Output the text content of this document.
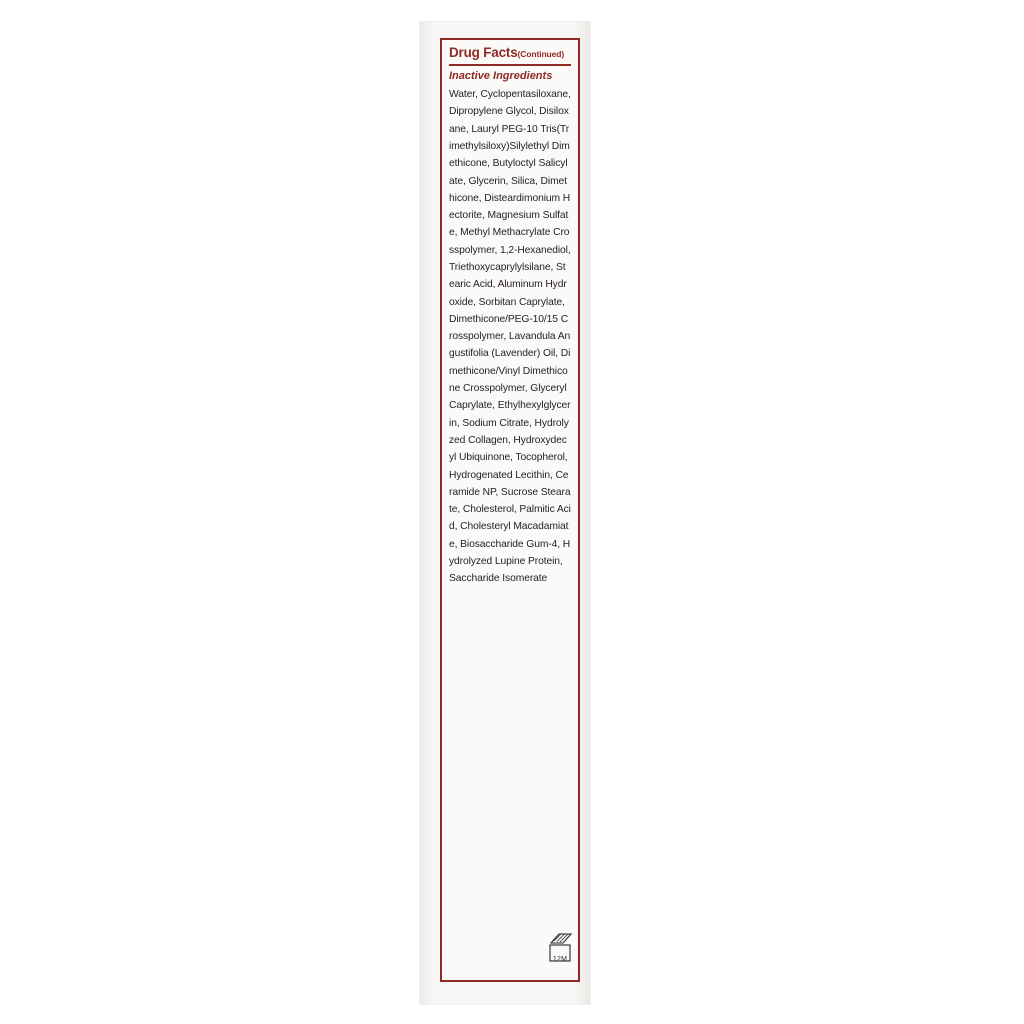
Drug Facts(Continued)
Inactive Ingredients
Water, Cyclopentasiloxane, Dipropylene Glycol, Disiloxane, Lauryl PEG-10 Tris(Trimethylsiloxy)Silylethyl Dimethicone, Butyloctyl Salicylate, Glycerin, Silica, Dimethicone, Disteardimonium Hectorite, Magnesium Sulfate, Methyl Methacrylate Crosspolymer, 1,2-Hexanediol, Triethoxycaprylylsilane, Stearic Acid, Aluminum Hydroxide, Sorbitan Caprylate, Dimethicone/PEG-10/15 Crosspolymer, Lavandula Angustifolia (Lavender) Oil, Dimethicone/Vinyl Dimethicone Crosspolymer, Glyceryl Caprylate, Ethylhexylglycerin, Sodium Citrate, Hydrolyzed Collagen, Hydroxydecyl Ubiquinone, Tocopherol, Hydrogenated Lecithin, Ceramide NP, Sucrose Stearate, Cholesterol, Palmitic Acid, Cholesteryl Macadamiate, Biosaccharide Gum-4, Hydrolyzed Lupine Protein, Saccharide Isomerate
12M
